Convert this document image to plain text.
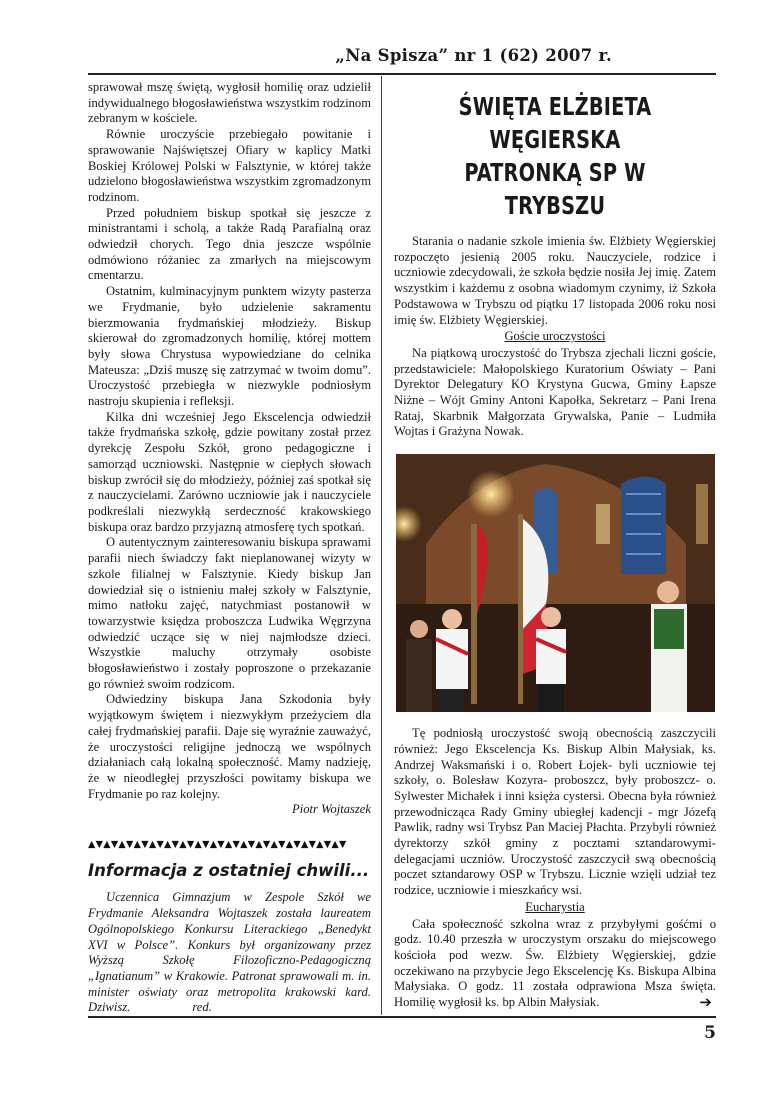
„Na Spisza” nr 1 (62) 2007 r.

sprawował mszę świętą, wygłosił homilię oraz udzielił indywidualnego błogosławieństwa wszystkim rodzinom zebranym w kościele.

Równie uroczyście przebiegało powitanie i sprawowanie Najświętszej Ofiary w kaplicy Matki Boskiej Królowej Polski w Falsztynie, w której także udzielono błogosławieństwa wszystkim zgromadzonym rodzinom.

Przed południem biskup spotkał się jeszcze z ministrantami i scholą, a także Radą Parafialną oraz odwiedził chorych. Tego dnia jeszcze wspólnie odmówiono różaniec za zmarłych na miejscowym cmentarzu.

Ostatnim, kulminacyjnym punktem wizyty pasterza we Frydmanie, było udzielenie sakramentu bierzmowania frydmańskiej młodzieży. Biskup skierował do zgromadzonych homilię, której mottem były słowa Chrystusa wypowiedziane do celnika Mateusza: „Dziś muszę się zatrzymać w twoim domu”. Uroczystość przebiegła w niezwykle podniosłym nastroju skupienia i refleksji.

Kilka dni wcześniej Jego Ekscelencja odwiedził także frydmańska szkołę, gdzie powitany został przez dyrekcję Zespołu Szkół, grono pedagogiczne i samorząd uczniowski. Następnie w ciepłych słowach biskup zwrócił się do młodzieży, później zaś spotkał się z nauczycielami. Zarówno uczniowie jak i nauczyciele podkreślali niezwykłą serdeczność krakowskiego biskupa oraz bardzo przyjazną atmosferę tych spotkań.

O autentycznym zainteresowaniu biskupa sprawami parafii niech świadczy fakt nieplanowanej wizyty w szkole filialnej w Falsztynie. Kiedy biskup Jan dowiedział się o istnieniu małej szkoły w Falsztynie, mimo natłoku zajęć, natychmiast postanowił w towarzystwie księdza proboszcza Ludwika Węgrzyna odwiedzić uczące się w niej najmłodsze dzieci. Wszystkie maluchy otrzymały osobiste błogosławieństwo i zostały poproszone o przekazanie go również swoim rodzicom.

Odwiedziny biskupa Jana Szkodonia były wyjątkowym świętem i niezwykłym przeżyciem dla całej frydmańskiej parafii. Daje się wyraźnie zauważyć, że uroczystości religijne jednoczą we wspólnych działaniach całą lokalną społeczność. Mamy nadzieję, że w nieodległej przyszłości powitamy biskupa we Frydmanie po raz kolejny.

Piotr Wojtaszek

▲▼▲▼▲▼▲▼▲▼▲▼▲▼▲▼▲▼▲▼▲▼▲▼▲▼▲▼▲▼▲▼▲▼
Informacja z ostatniej chwili...

Uczennica Gimnazjum w Zespole Szkół we Frydmanie Aleksandra Wojtaszek została laureatem Ogólnopolskiego Konkursu Literackiego „Benedykt XVI w Polsce”. Konkurs był organizowany przez Wyższą Szkołę Filozoficzno-Pedagogiczną „Ignatianum” w Krakowie. Patronat sprawowali m. in. minister oświaty oraz metropolita krakowski kard. Dziwisz.	red.

ŚWIĘTA ELŻBIETA WĘGIERSKA
PATRONKĄ SP W TRYBSZU

Starania o nadanie szkole imienia św. Elżbiety Węgierskiej rozpoczęto jesienią 2005 roku. Nauczyciele, rodzice i uczniowie zdecydowali, że szkoła będzie nosiła Jej imię. Zatem wszystkim i każdemu z osobna wiadomym czynimy, iż Szkoła Podstawowa w Trybszu od piątku 17 listopada 2006 roku nosi imię św. Elżbiety Węgierskiej.

Goście uroczystości

Na piątkową uroczystość do Trybsza zjechali liczni goście, przedstawiciele: Małopolskiego Kuratorium Oświaty – Pani Dyrektor Delegatury KO Krystyna Gucwa, Gminy Łapsze Niżne – Wójt Gminy Antoni Kapołka, Sekretarz – Pani Irena Rataj, Skarbnik Małgorzata Grywalska, Panie – Ludmiła Wojtas i Grażyna Nowak.

Tę podniosłą uroczystość swoją obecnością zaszczycili również: Jego Ekscelencja Ks. Biskup Albin Małysiak, ks. Andrzej Waksmański i o. Robert Łojek- byli uczniowie tej szkoły, o. Bolesław Kozyra- proboszcz, były proboszcz- o. Sylwester Michałek i inni księża cystersi. Obecna była również przewodnicząca Rady Gminy ubiegłej kadencji - mgr Józefą Pawlik, radny wsi Trybsz Pan Maciej Płachta. Przybyli również dyrektorzy szkół gminy z pocztami sztandarowymi- delegacjami uczniów. Uroczystość zaszczycił swą obecnością poczet sztandarowy OSP w Trybszu. Licznie wzięli udział tez rodzice, uczniowie i mieszkańcy wsi.

Eucharystia

Cała społeczność szkolna wraz z przybyłymi gośćmi o godz. 10.40 przeszła w uroczystym orszaku do miejscowego kościoła pod wezw. Św. Elżbiety Węgierskiej, gdzie oczekiwano na przybycie Jego Ekscelencję Ks. Biskupa Albina Małysiaka. O godz. 11 została odprawiona Msza święta. Homilię wygłosił ks. bp Albin Małysiak.	➔
5
